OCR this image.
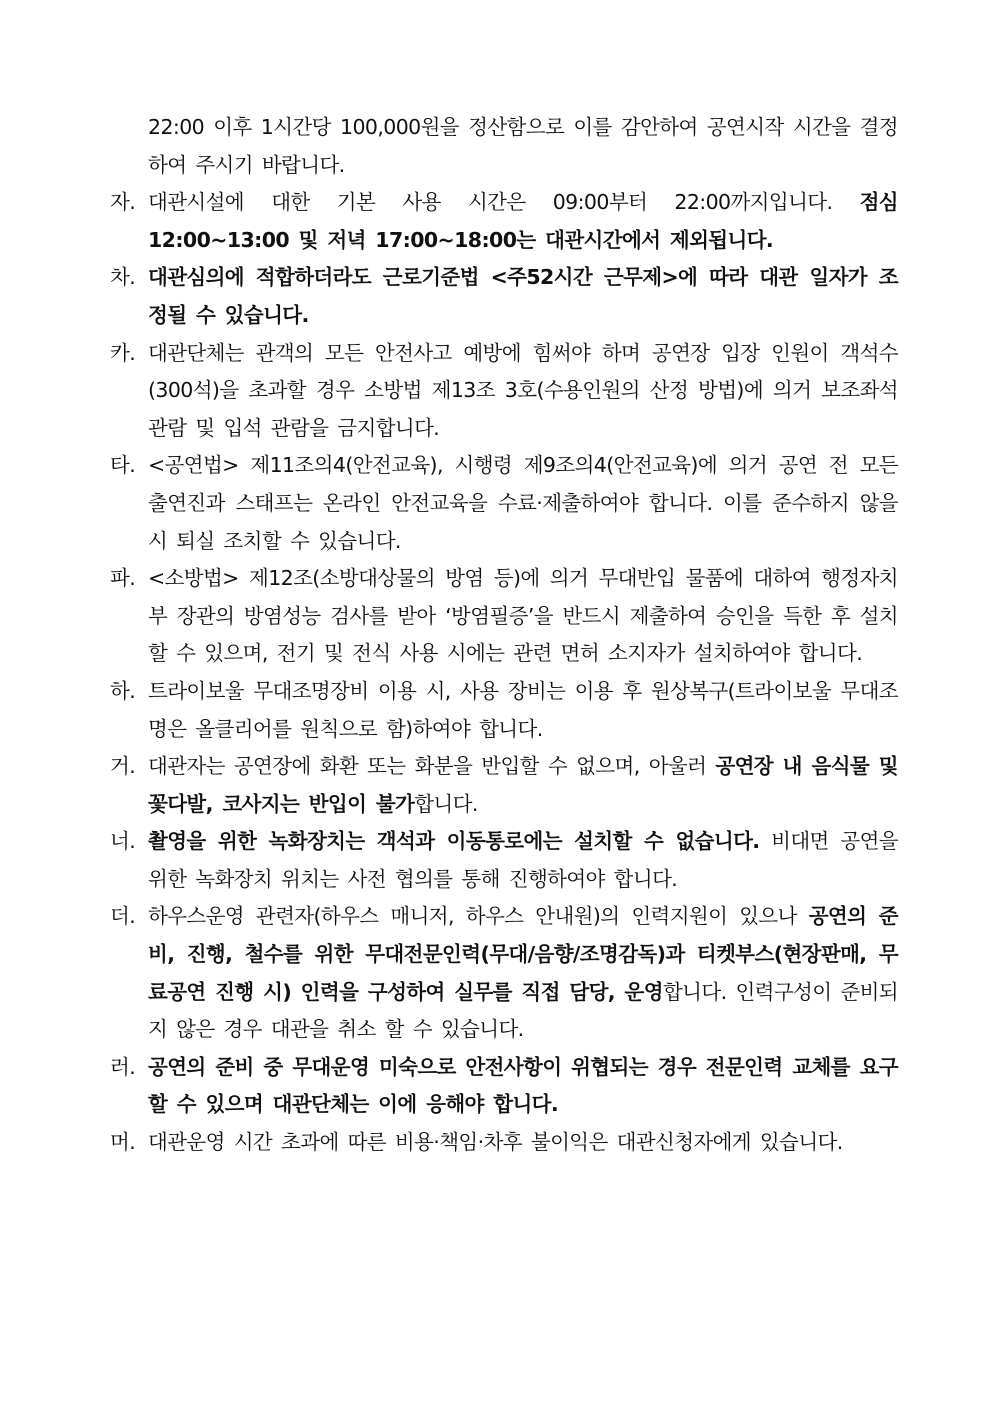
22:00 이후 1시간당 100,000원을 정산함으로 이를 감안하여 공연시작 시간을 결정하여 주시기 바랍니다.
자. 대관시설에 대한 기본 사용 시간은 09:00부터 22:00까지입니다. 점심 12:00~13:00 및 저녁 17:00~18:00는 대관시간에서 제외됩니다.
차. 대관심의에 적합하더라도 근로기준법 <주52시간 근무제>에 따라 대관 일자가 조정될 수 있습니다.
카. 대관단체는 관객의 모든 안전사고 예방에 힘써야 하며 공연장 입장 인원이 객석수(300석)을 초과할 경우 소방법 제13조 3호(수용인원의 산정 방법)에 의거 보조좌석 관람 및 입석 관람을 금지합니다.
타. <공연법> 제11조의4(안전교육), 시행령 제9조의4(안전교육)에 의거 공연 전 모든 출연진과 스태프는 온라인 안전교육을 수료·제출하여야 합니다. 이를 준수하지 않을 시 퇴실 조치할 수 있습니다.
파. <소방법> 제12조(소방대상물의 방염 등)에 의거 무대반입 물품에 대하여 행정자치부 장관의 방염성능 검사를 받아 ‘방염필증’을 반드시 제출하여 승인을 득한 후 설치할 수 있으며, 전기 및 전식 사용 시에는 관련 면허 소지자가 설치하여야 합니다.
하. 트라이보울 무대조명장비 이용 시, 사용 장비는 이용 후 원상복구(트라이보울 무대조명은 올클리어를 원칙으로 함)하여야 합니다.
거. 대관자는 공연장에 화환 또는 화분을 반입할 수 없으며, 아울러 공연장 내 음식물 및 꽃다발, 코사지는 반입이 불가합니다.
너. 촬영을 위한 녹화장치는 객석과 이동통로에는 설치할 수 없습니다. 비대면 공연을 위한 녹화장치 위치는 사전 협의를 통해 진행하여야 합니다.
더. 하우스운영 관련자(하우스 매니저, 하우스 안내원)의 인력지원이 있으나 공연의 준비, 진행, 철수를 위한 무대전문인력(무대/음향/조명감독)과 티켓부스(현장판매, 무료공연 진행 시) 인력을 구성하여 실무를 직접 담당, 운영합니다. 인력구성이 준비되지 않은 경우 대관을 취소 할 수 있습니다.
러. 공연의 준비 중 무대운영 미숙으로 안전사항이 위협되는 경우 전문인력 교체를 요구할 수 있으며 대관단체는 이에 응해야 합니다.
머. 대관운영 시간 초과에 따른 비용·책임·차후 불이익은 대관신청자에게 있습니다.
